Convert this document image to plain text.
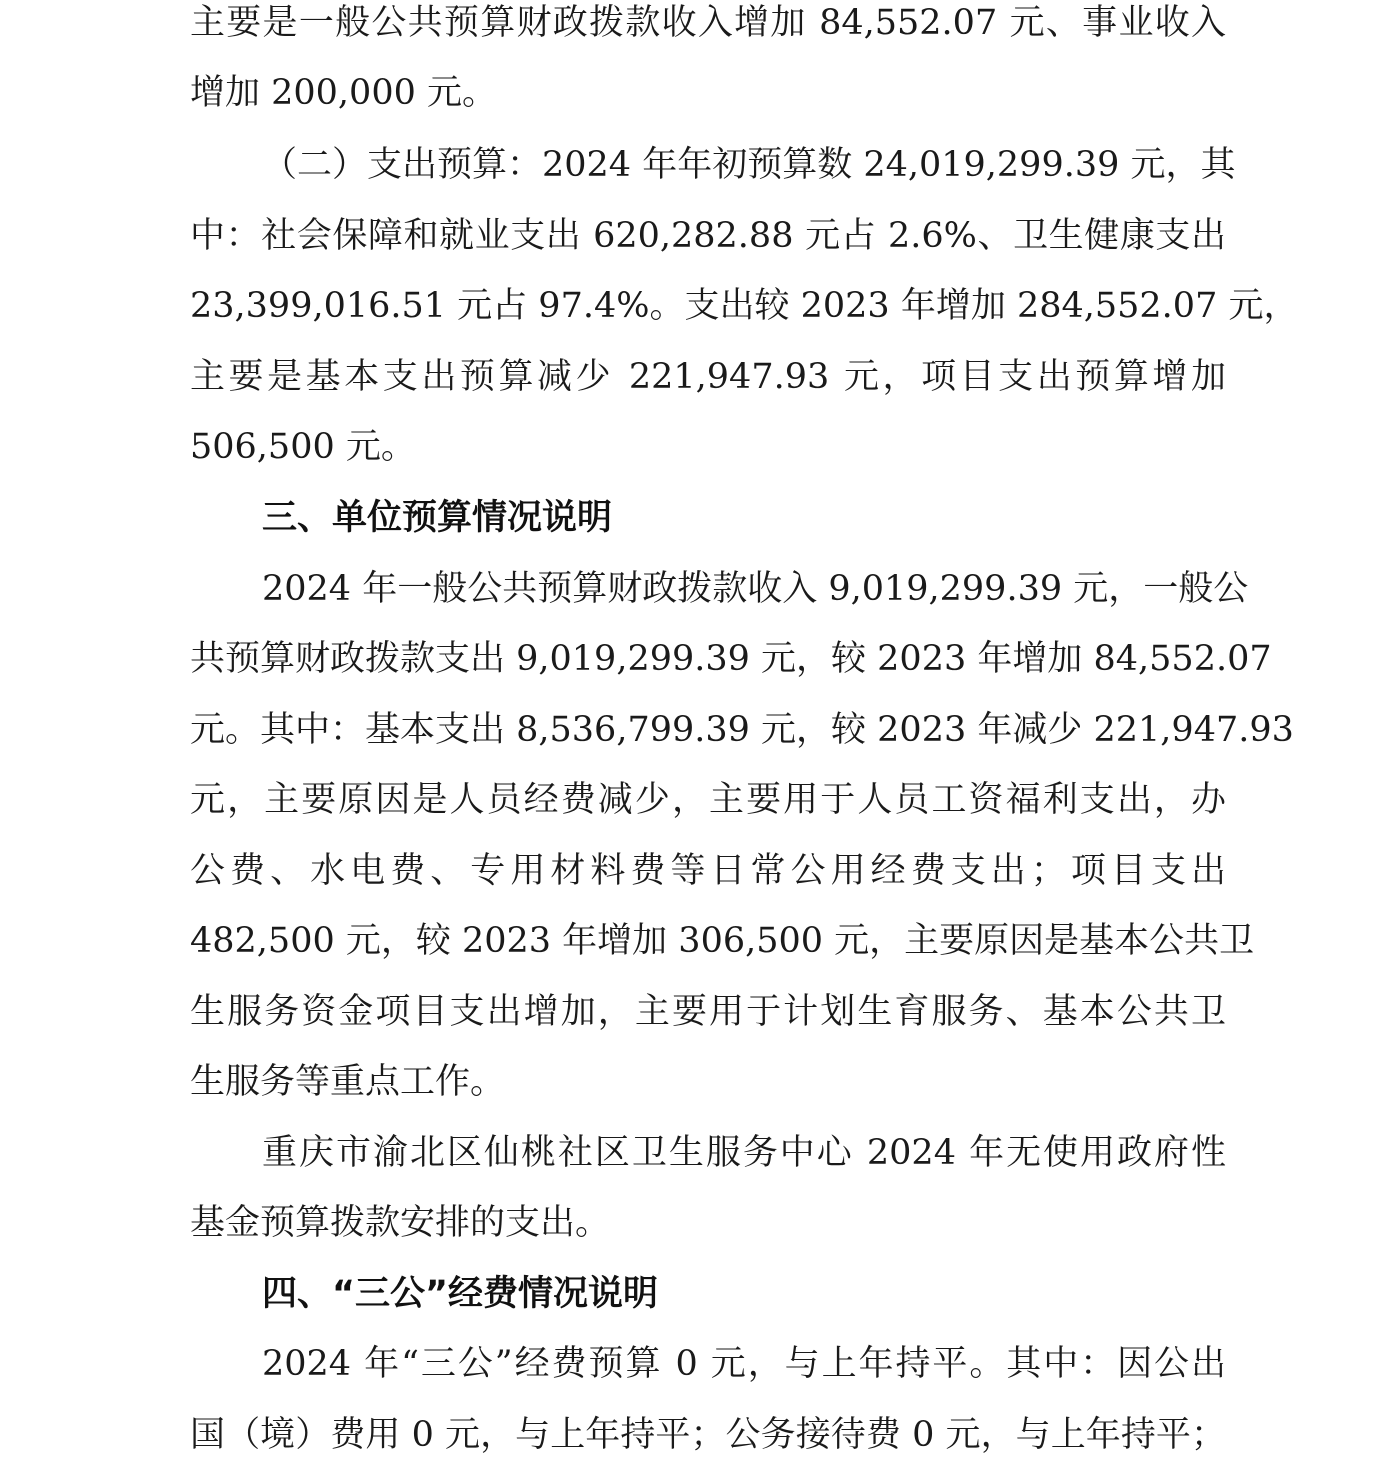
主要是一般公共预算财政拨款收入增加 84,552.07 元、事业收入
增加 200,000 元。
（二）支出预算：2024 年年初预算数 24,019,299.39 元，其
中：社会保障和就业支出 620,282.88 元占 2.6%、卫生健康支出
23,399,016.51 元占 97.4%。支出较 2023 年增加 284,552.07 元，
主要是基本支出预算减少 221,947.93 元，项目支出预算增加
506,500 元。
三、单位预算情况说明
2024 年一般公共预算财政拨款收入 9,019,299.39 元，一般公
共预算财政拨款支出 9,019,299.39 元，较 2023 年增加 84,552.07
元。其中：基本支出 8,536,799.39 元，较 2023 年减少 221,947.93
元，主要原因是人员经费减少，主要用于人员工资福利支出，办
公费、水电费、专用材料费等日常公用经费支出；项目支出
482,500 元，较 2023 年增加 306,500 元，主要原因是基本公共卫
生服务资金项目支出增加，主要用于计划生育服务、基本公共卫
生服务等重点工作。
重庆市渝北区仙桃社区卫生服务中心 2024 年无使用政府性
基金预算拨款安排的支出。
四、“三公”经费情况说明
2024 年“三公”经费预算 0 元，与上年持平。其中：因公出
国（境）费用 0 元，与上年持平；公务接待费 0 元，与上年持平；
